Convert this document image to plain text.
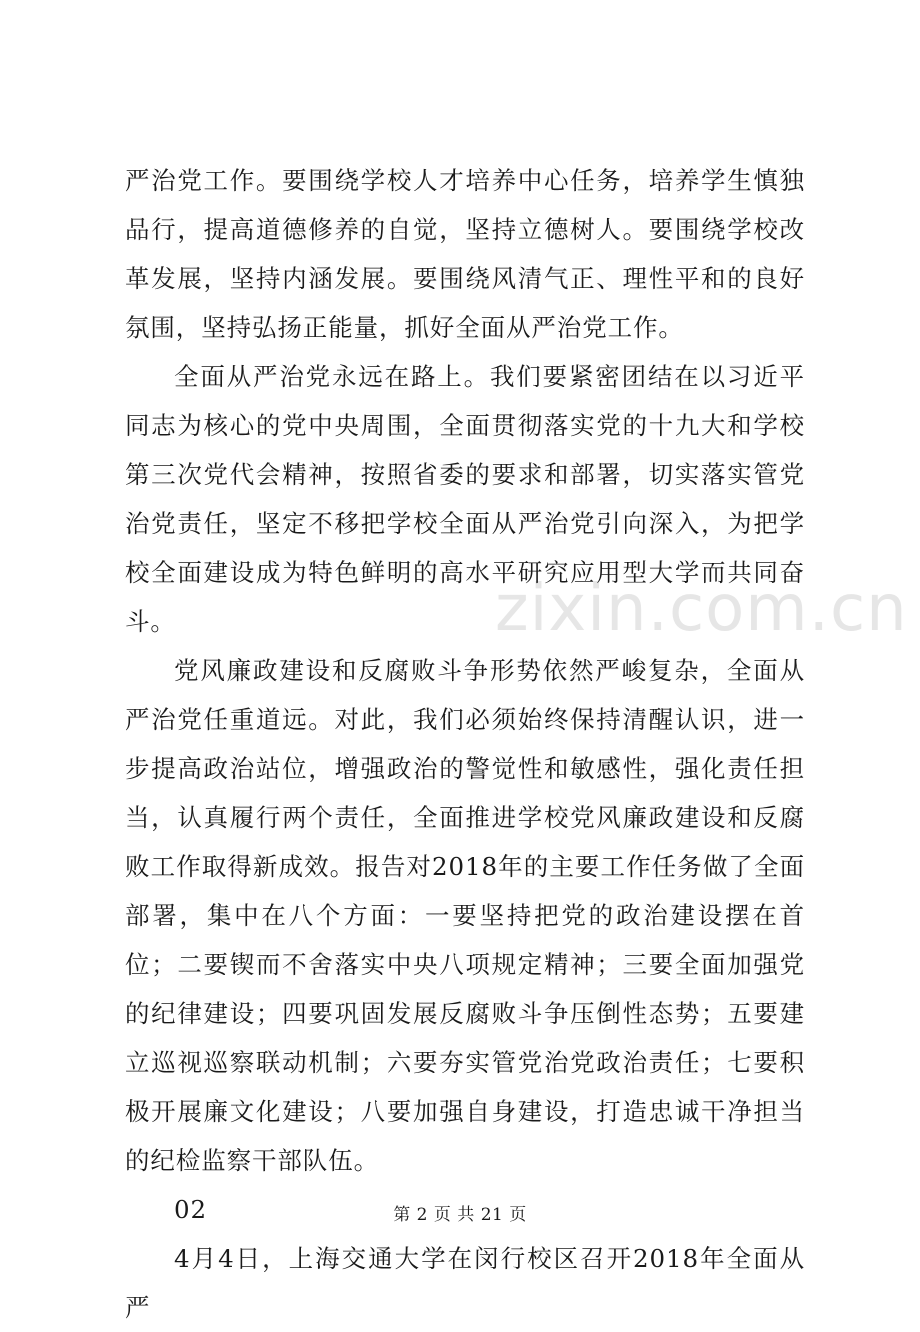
zixin.com.cn

严治党工作。要围绕学校人才培养中心任务，培养学生慎独品行，提高道德修养的自觉，坚持立德树人。要围绕学校改革发展，坚持内涵发展。要围绕风清气正、理性平和的良好氛围，坚持弘扬正能量，抓好全面从严治党工作。

全面从严治党永远在路上。我们要紧密团结在以习近平同志为核心的党中央周围，全面贯彻落实党的十九大和学校第三次党代会精神，按照省委的要求和部署，切实落实管党治党责任，坚定不移把学校全面从严治党引向深入，为把学校全面建设成为特色鲜明的高水平研究应用型大学而共同奋斗。

党风廉政建设和反腐败斗争形势依然严峻复杂，全面从严治党任重道远。对此，我们必须始终保持清醒认识，进一步提高政治站位，增强政治的警觉性和敏感性，强化责任担当，认真履行两个责任，全面推进学校党风廉政建设和反腐败工作取得新成效。报告对2018年的主要工作任务做了全面部署，集中在八个方面：一要坚持把党的政治建设摆在首位；二要锲而不舍落实中央八项规定精神；三要全面加强党的纪律建设；四要巩固发展反腐败斗争压倒性态势；五要建立巡视巡察联动机制；六要夯实管党治党政治责任；七要积极开展廉文化建设；八要加强自身建设，打造忠诚干净担当的纪检监察干部队伍。

02

4月4日，上海交通大学在闵行校区召开2018年全面从严

第 2 页 共 21 页
